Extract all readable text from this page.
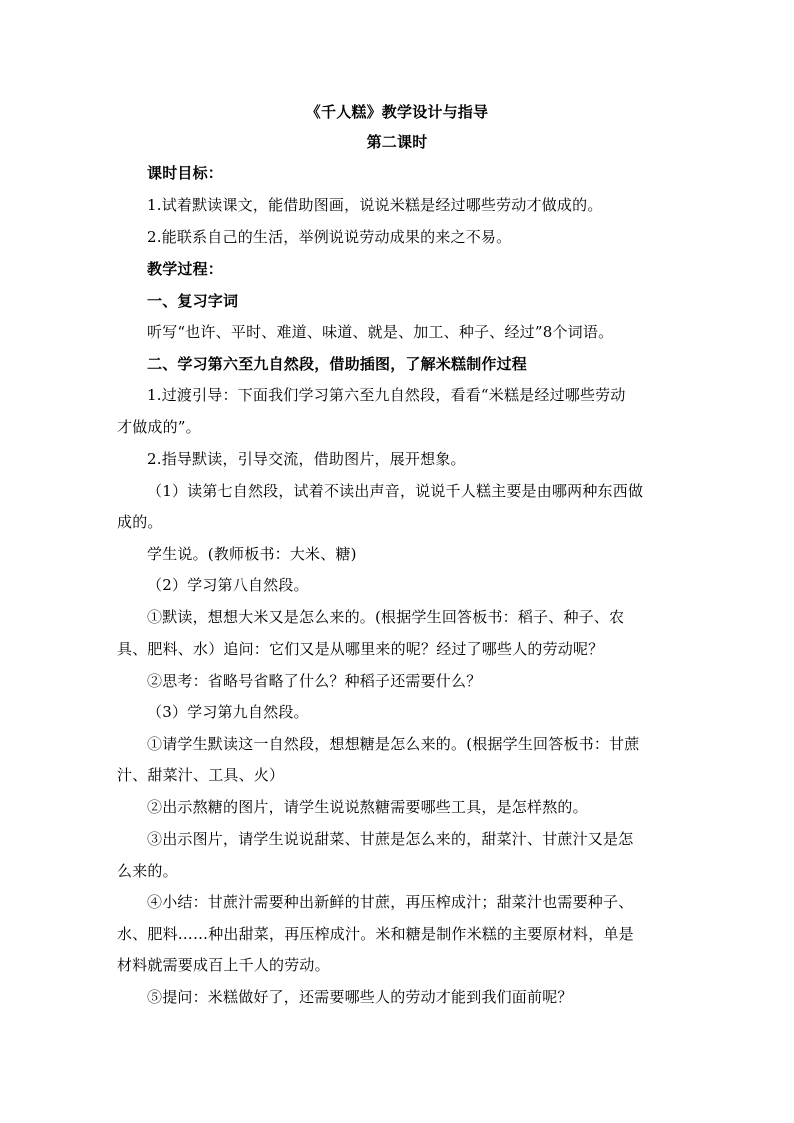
《千人糕》教学设计与指导
第二课时
课时目标：
1.试着默读课文，能借助图画，说说米糕是经过哪些劳动才做成的。
2.能联系自己的生活，举例说说劳动成果的来之不易。
教学过程：
一、复习字词
听写“也许、平时、难道、味道、就是、加工、种子、经过”8个词语。
二、学习第六至九自然段，借助插图，了解米糕制作过程
1.过渡引导：下面我们学习第六至九自然段，看看“米糕是经过哪些劳动
才做成的”。
2.指导默读，引导交流，借助图片，展开想象。
（1）读第七自然段，试着不读出声音，说说千人糕主要是由哪两种东西做
成的。
学生说。(教师板书：大米、糖)
（2）学习第八自然段。
①默读，想想大米又是怎么来的。(根据学生回答板书：稻子、种子、农
具、肥料、水）追问：它们又是从哪里来的呢？经过了哪些人的劳动呢？
②思考：省略号省略了什么？种稻子还需要什么？
（3）学习第九自然段。
①请学生默读这一自然段，想想糖是怎么来的。(根据学生回答板书：甘蔗
汁、甜菜汁、工具、火）
②出示熬糖的图片，请学生说说熬糖需要哪些工具，是怎样熬的。
③出示图片，请学生说说甜菜、甘蔗是怎么来的，甜菜汁、甘蔗汁又是怎
么来的。
④小结：甘蔗汁需要种出新鲜的甘蔗，再压榨成汁；甜菜汁也需要种子、
水、肥料……种出甜菜，再压榨成汁。米和糖是制作米糕的主要原材料，单是
材料就需要成百上千人的劳动。
⑤提问：米糕做好了，还需要哪些人的劳动才能到我们面前呢？
